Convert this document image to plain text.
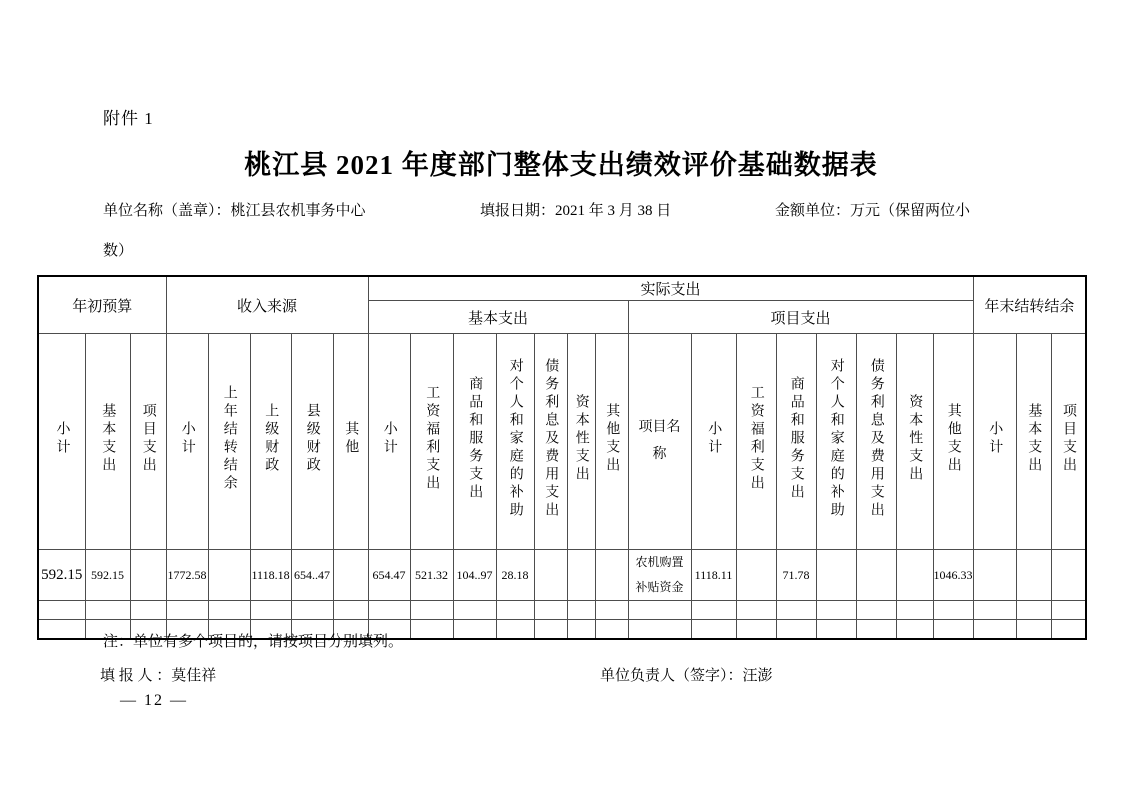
附件 1
桃江县 2021 年度部门整体支出绩效评价基础数据表
单位名称（盖章）：桃江县农机事务中心	填报日期：2021 年 3 月 38 日	金额单位：万元（保留两位小
数）
年初预算			收入来源					实际支出															年末结转结余		
								基本支出							项目支出										
小计	基本支出	项目支出	小计	上年结转结余	上级财政	县级财政	其他	小计	工资福利支出	商品和服务支出	对个人和家庭的补助	债务利息及费用支出	资本性支出	其他支出	项目名称	小计	工资福利支出	商品和服务支出	对个人和家庭的补助	债务利息及费用支出	资本性支出	其他支出	小计	基本支出	项目支出
592.15	592.15		1772.58		1118.18	654..47		654.47	521.32	104..97	28.18				农机购置补贴资金	1118.11		71.78				1046.33			

注：单位有多个项目的，请按项目分别填列。
填 报 人 ：莫佳祥	单位负责人（签字）：汪澎
— 12 —
